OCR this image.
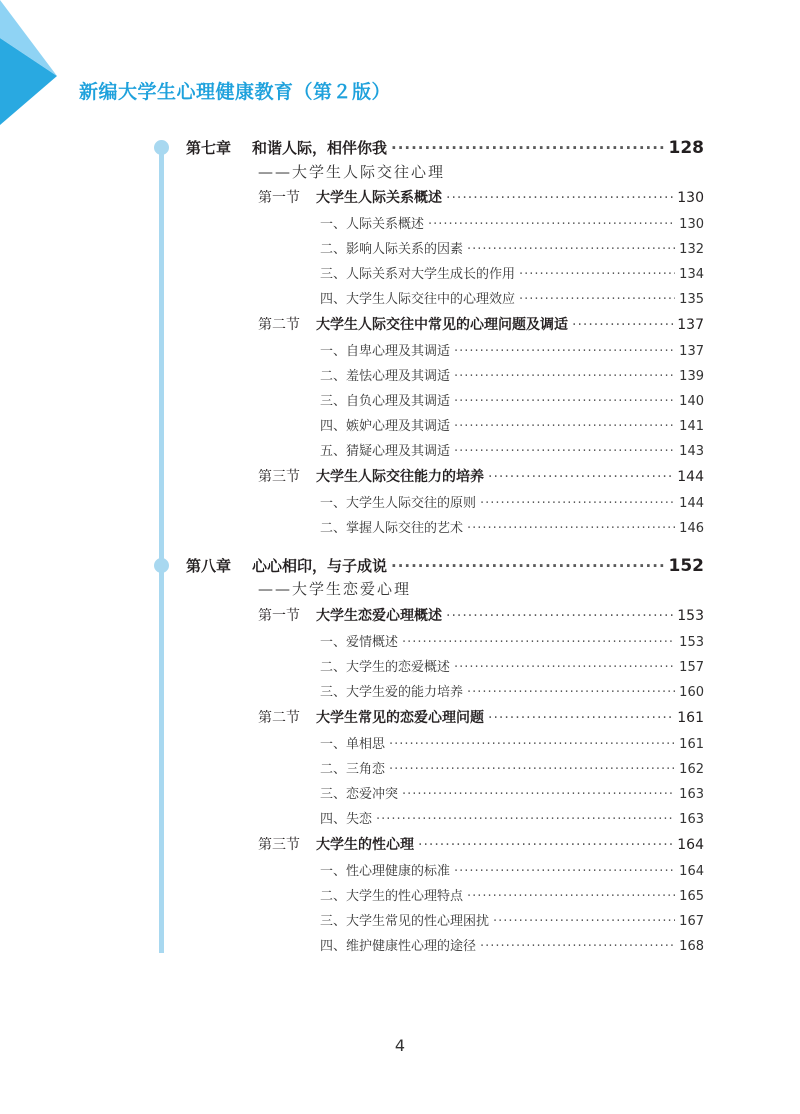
新编大学生心理健康教育（第２版）
第七章	和谐人际，相伴你我 ·····	128
——大学生人际交往心理
第一节	大学生人际关系概述 ·····	130
一、人际关系概述 ·····	130
二、影响人际关系的因素 ·····	132
三、人际关系对大学生成长的作用 ·····	134
四、大学生人际交往中的心理效应 ·····	135
第二节	大学生人际交往中常见的心理问题及调适 ·····	137
一、自卑心理及其调适 ·····	137
二、羞怯心理及其调适 ·····	139
三、自负心理及其调适 ·····	140
四、嫉妒心理及其调适 ·····	141
五、猜疑心理及其调适 ·····	143
第三节	大学生人际交往能力的培养 ·····	144
一、大学生人际交往的原则 ·····	144
二、掌握人际交往的艺术 ·····	146
第八章	心心相印，与子成说 ·····	152
——大学生恋爱心理
第一节	大学生恋爱心理概述 ·····	153
一、爱情概述 ·····	153
二、大学生的恋爱概述 ·····	157
三、大学生爱的能力培养 ·····	160
第二节	大学生常见的恋爱心理问题 ·····	161
一、单相思 ·····	161
二、三角恋 ·····	162
三、恋爱冲突 ·····	163
四、失恋 ·····	163
第三节	大学生的性心理 ·····	164
一、性心理健康的标准 ·····	164
二、大学生的性心理特点 ·····	165
三、大学生常见的性心理困扰 ·····	167
四、维护健康性心理的途径 ·····	168
4
